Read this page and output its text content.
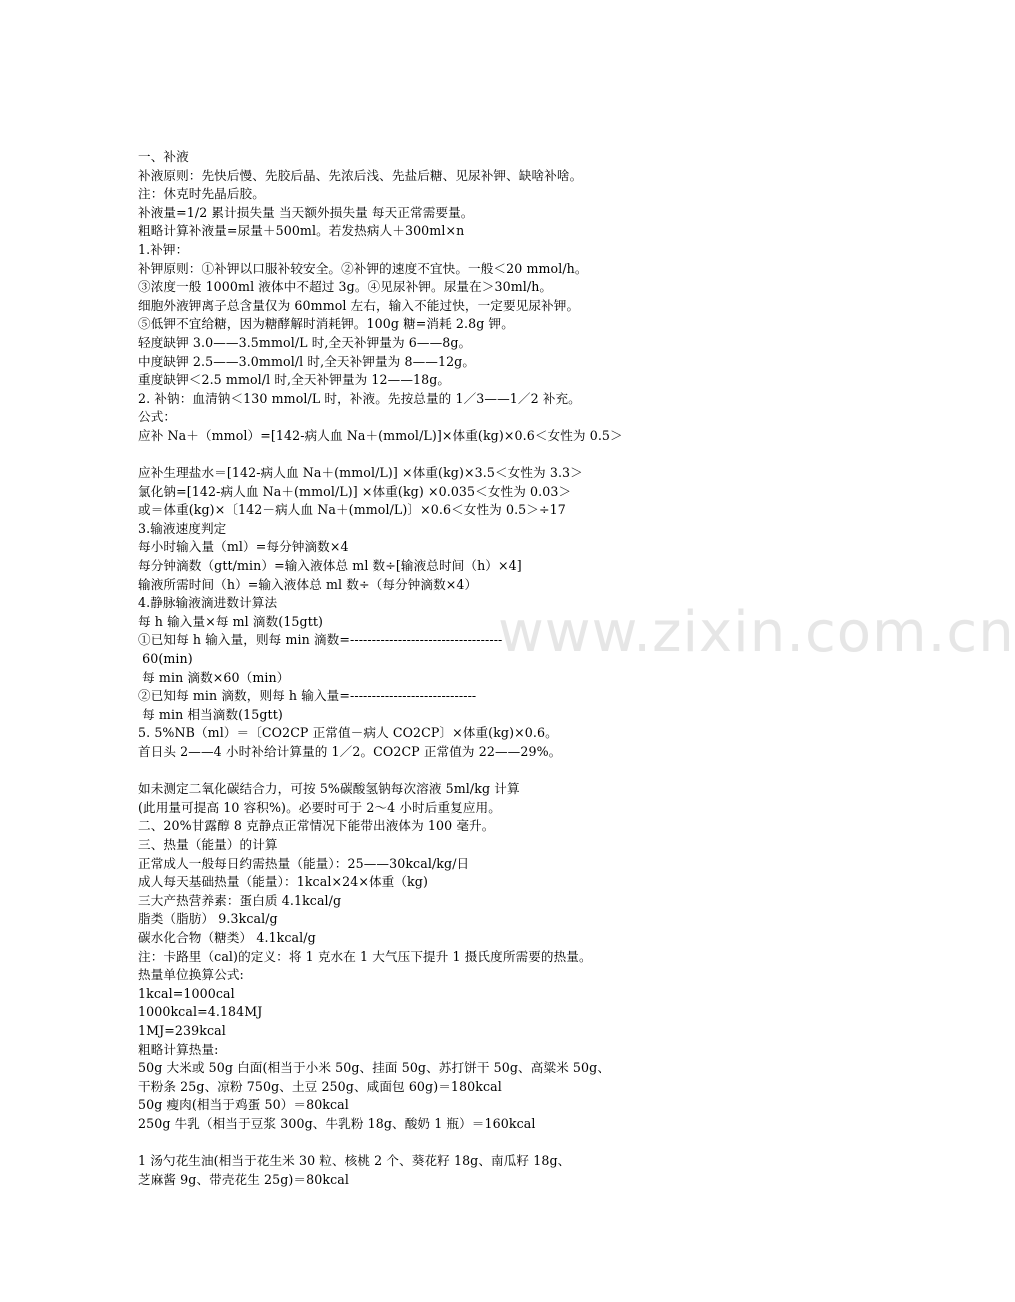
www.zixin.com.cn
一、补液
补液原则：先快后慢、先胶后晶、先浓后浅、先盐后糖、见尿补钾、缺啥补啥。
注：休克时先晶后胶。
补液量=1/2 累计损失量 当天额外损失量 每天正常需要量。
粗略计算补液量=尿量＋500ml。若发热病人＋300ml×n
1.补钾：
补钾原则：①补钾以口服补较安全。②补钾的速度不宜快。一般＜20 mmol/h。
③浓度一般 1000ml 液体中不超过 3g。④见尿补钾。尿量在＞30ml/h。
细胞外液钾离子总含量仅为 60mmol 左右，输入不能过快，一定要见尿补钾。
⑤低钾不宜给糖，因为糖酵解时消耗钾。100g 糖=消耗 2.8g 钾。
轻度缺钾 3.0——3.5mmol/L 时,全天补钾量为 6——8g。
中度缺钾 2.5——3.0mmol/l 时,全天补钾量为 8——12g。
重度缺钾＜2.5 mmol/l 时,全天补钾量为 12——18g。
2. 补钠：血清钠＜130 mmol/L 时，补液。先按总量的 1／3——1／2 补充。
公式：
应补 Na＋（mmol）=[142-病人血 Na＋(mmol/L)]×体重(kg)×0.6＜女性为 0.5＞
应补生理盐水＝[142-病人血 Na＋(mmol/L)] ×体重(kg)×3.5＜女性为 3.3＞
氯化钠=[142-病人血 Na＋(mmol/L)] ×体重(kg) ×0.035＜女性为 0.03＞
或＝体重(kg)×〔142－病人血 Na＋(mmol/L)〕×0.6＜女性为 0.5＞÷17
3.输液速度判定
每小时输入量（ml）=每分钟滴数×4
每分钟滴数（gtt/min）=输入液体总 ml 数÷[输液总时间（h）×4]
输液所需时间（h）=输入液体总 ml 数÷（每分钟滴数×4）
4.静脉输液滴进数计算法
每 h 输入量×每 ml 滴数(15gtt)
①已知每 h 输入量，则每 min 滴数=-----------------------------------
60(min)
每 min 滴数×60（min）
②已知每 min 滴数，则每 h 输入量=-----------------------------
每 min 相当滴数(15gtt)
5. 5%NB（ml）＝〔CO2CP 正常值－病人 CO2CP〕×体重(kg)×0.6。
首日头 2——4 小时补给计算量的 1／2。CO2CP 正常值为 22——29%。
如未测定二氧化碳结合力，可按 5%碳酸氢钠每次溶液 5ml/kg 计算
(此用量可提高 10 容积%)。必要时可于 2～4 小时后重复应用。
二、20%甘露醇 8 克静点正常情况下能带出液体为 100 毫升。
三、热量（能量）的计算
正常成人一般每日约需热量（能量）：25——30kcal/kg/日
成人每天基础热量（能量）：1kcal×24×体重（kg)
三大产热营养素：蛋白质 4.1kcal/g
脂类（脂肪） 9.3kcal/g
碳水化合物（糖类） 4.1kcal/g
注：卡路里（cal)的定义：将 1 克水在 1 大气压下提升 1 摄氏度所需要的热量。
热量单位换算公式:
1kcal=1000cal
1000kcal=4.184MJ
1MJ=239kcal
粗略计算热量:
50g 大米或 50g 白面(相当于小米 50g、挂面 50g、苏打饼干 50g、高粱米 50g、
干粉条 25g、凉粉 750g、土豆 250g、咸面包 60g)＝180kcal
50g 瘦肉(相当于鸡蛋 50）＝80kcal
250g 牛乳（相当于豆浆 300g、牛乳粉 18g、酸奶 1 瓶）＝160kcal
1 汤勺花生油(相当于花生米 30 粒、核桃 2 个、葵花籽 18g、南瓜籽 18g、
芝麻酱 9g、带壳花生 25g)＝80kcal
